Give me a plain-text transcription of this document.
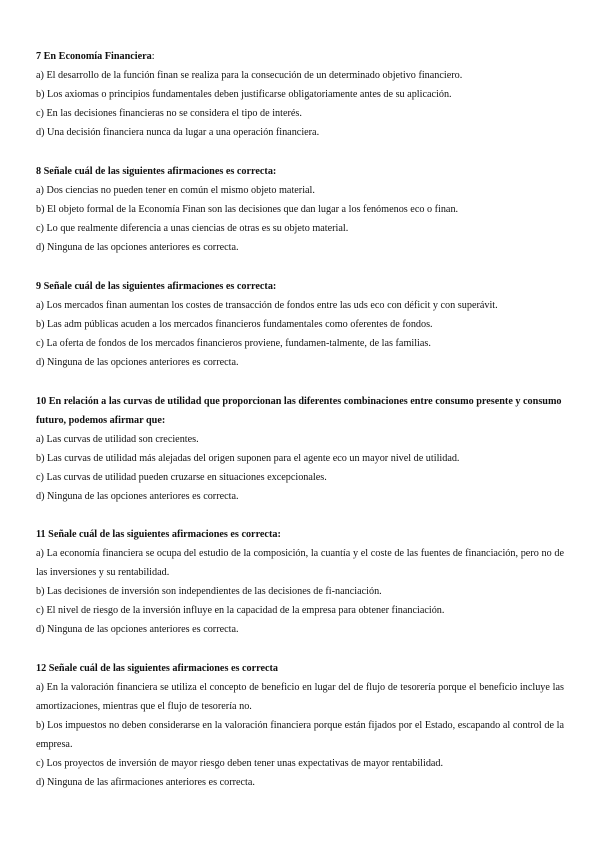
7 En Economía Financiera:

a) El desarrollo de la función finan se realiza para la consecución de un determinado objetivo financiero.

b) Los axiomas o principios fundamentales deben justificarse obligatoriamente antes de su aplicación.

c) En las decisiones financieras no se considera el tipo de interés.

d) Una decisión financiera nunca da lugar a una operación financiera.

8 Señale cuál de las siguientes afirmaciones es correcta:

a) Dos ciencias no pueden tener en común el mismo objeto material.

b) El objeto formal de la Economía Finan son las decisiones que dan lugar a los fenómenos eco o finan.

c) Lo que realmente diferencia a unas ciencias de otras es su objeto material.

d) Ninguna de las opciones anteriores es correcta.

9 Señale cuál de las siguientes afirmaciones es correcta:

a) Los mercados finan aumentan los costes de transacción de fondos entre las uds eco con déficit y con superávit.

b) Las adm públicas acuden a los mercados financieros fundamentales como oferentes de fondos.

c) La oferta de fondos de los mercados financieros proviene, fundamen-talmente, de las familias.

d) Ninguna de las opciones anteriores es correcta.

10 En relación a las curvas de utilidad que proporcionan las diferentes combinaciones entre consumo presente y consumo futuro, podemos afirmar que:

a) Las curvas de utilidad son crecientes.

b) Las curvas de utilidad más alejadas del origen suponen para el agente eco un mayor nivel de utilidad.

c) Las curvas de utilidad pueden cruzarse en situaciones excepcionales.

d) Ninguna de las opciones anteriores es correcta.

11 Señale cuál de las siguientes afirmaciones es correcta:

a) La economía financiera se ocupa del estudio de la composición, la cuantía y el coste de las fuentes de financiación, pero no de las inversiones y su rentabilidad.

b) Las decisiones de inversión son independientes de las decisiones de fi-nanciación.

c) El nivel de riesgo de la inversión influye en la capacidad de la empresa para obtener financiación.

d) Ninguna de las opciones anteriores es correcta.

12 Señale cuál de las siguientes afirmaciones es correcta

a) En la valoración financiera se utiliza el concepto de beneficio en lugar del de flujo de tesorería porque el beneficio incluye las amortizaciones, mientras que el flujo de tesorería no.

b) Los impuestos no deben considerarse en la valoración financiera porque están fijados por el Estado, escapando al control de la empresa.

c) Los proyectos de inversión de mayor riesgo deben tener unas expectativas de mayor rentabilidad.

d) Ninguna de las afirmaciones anteriores es correcta.
